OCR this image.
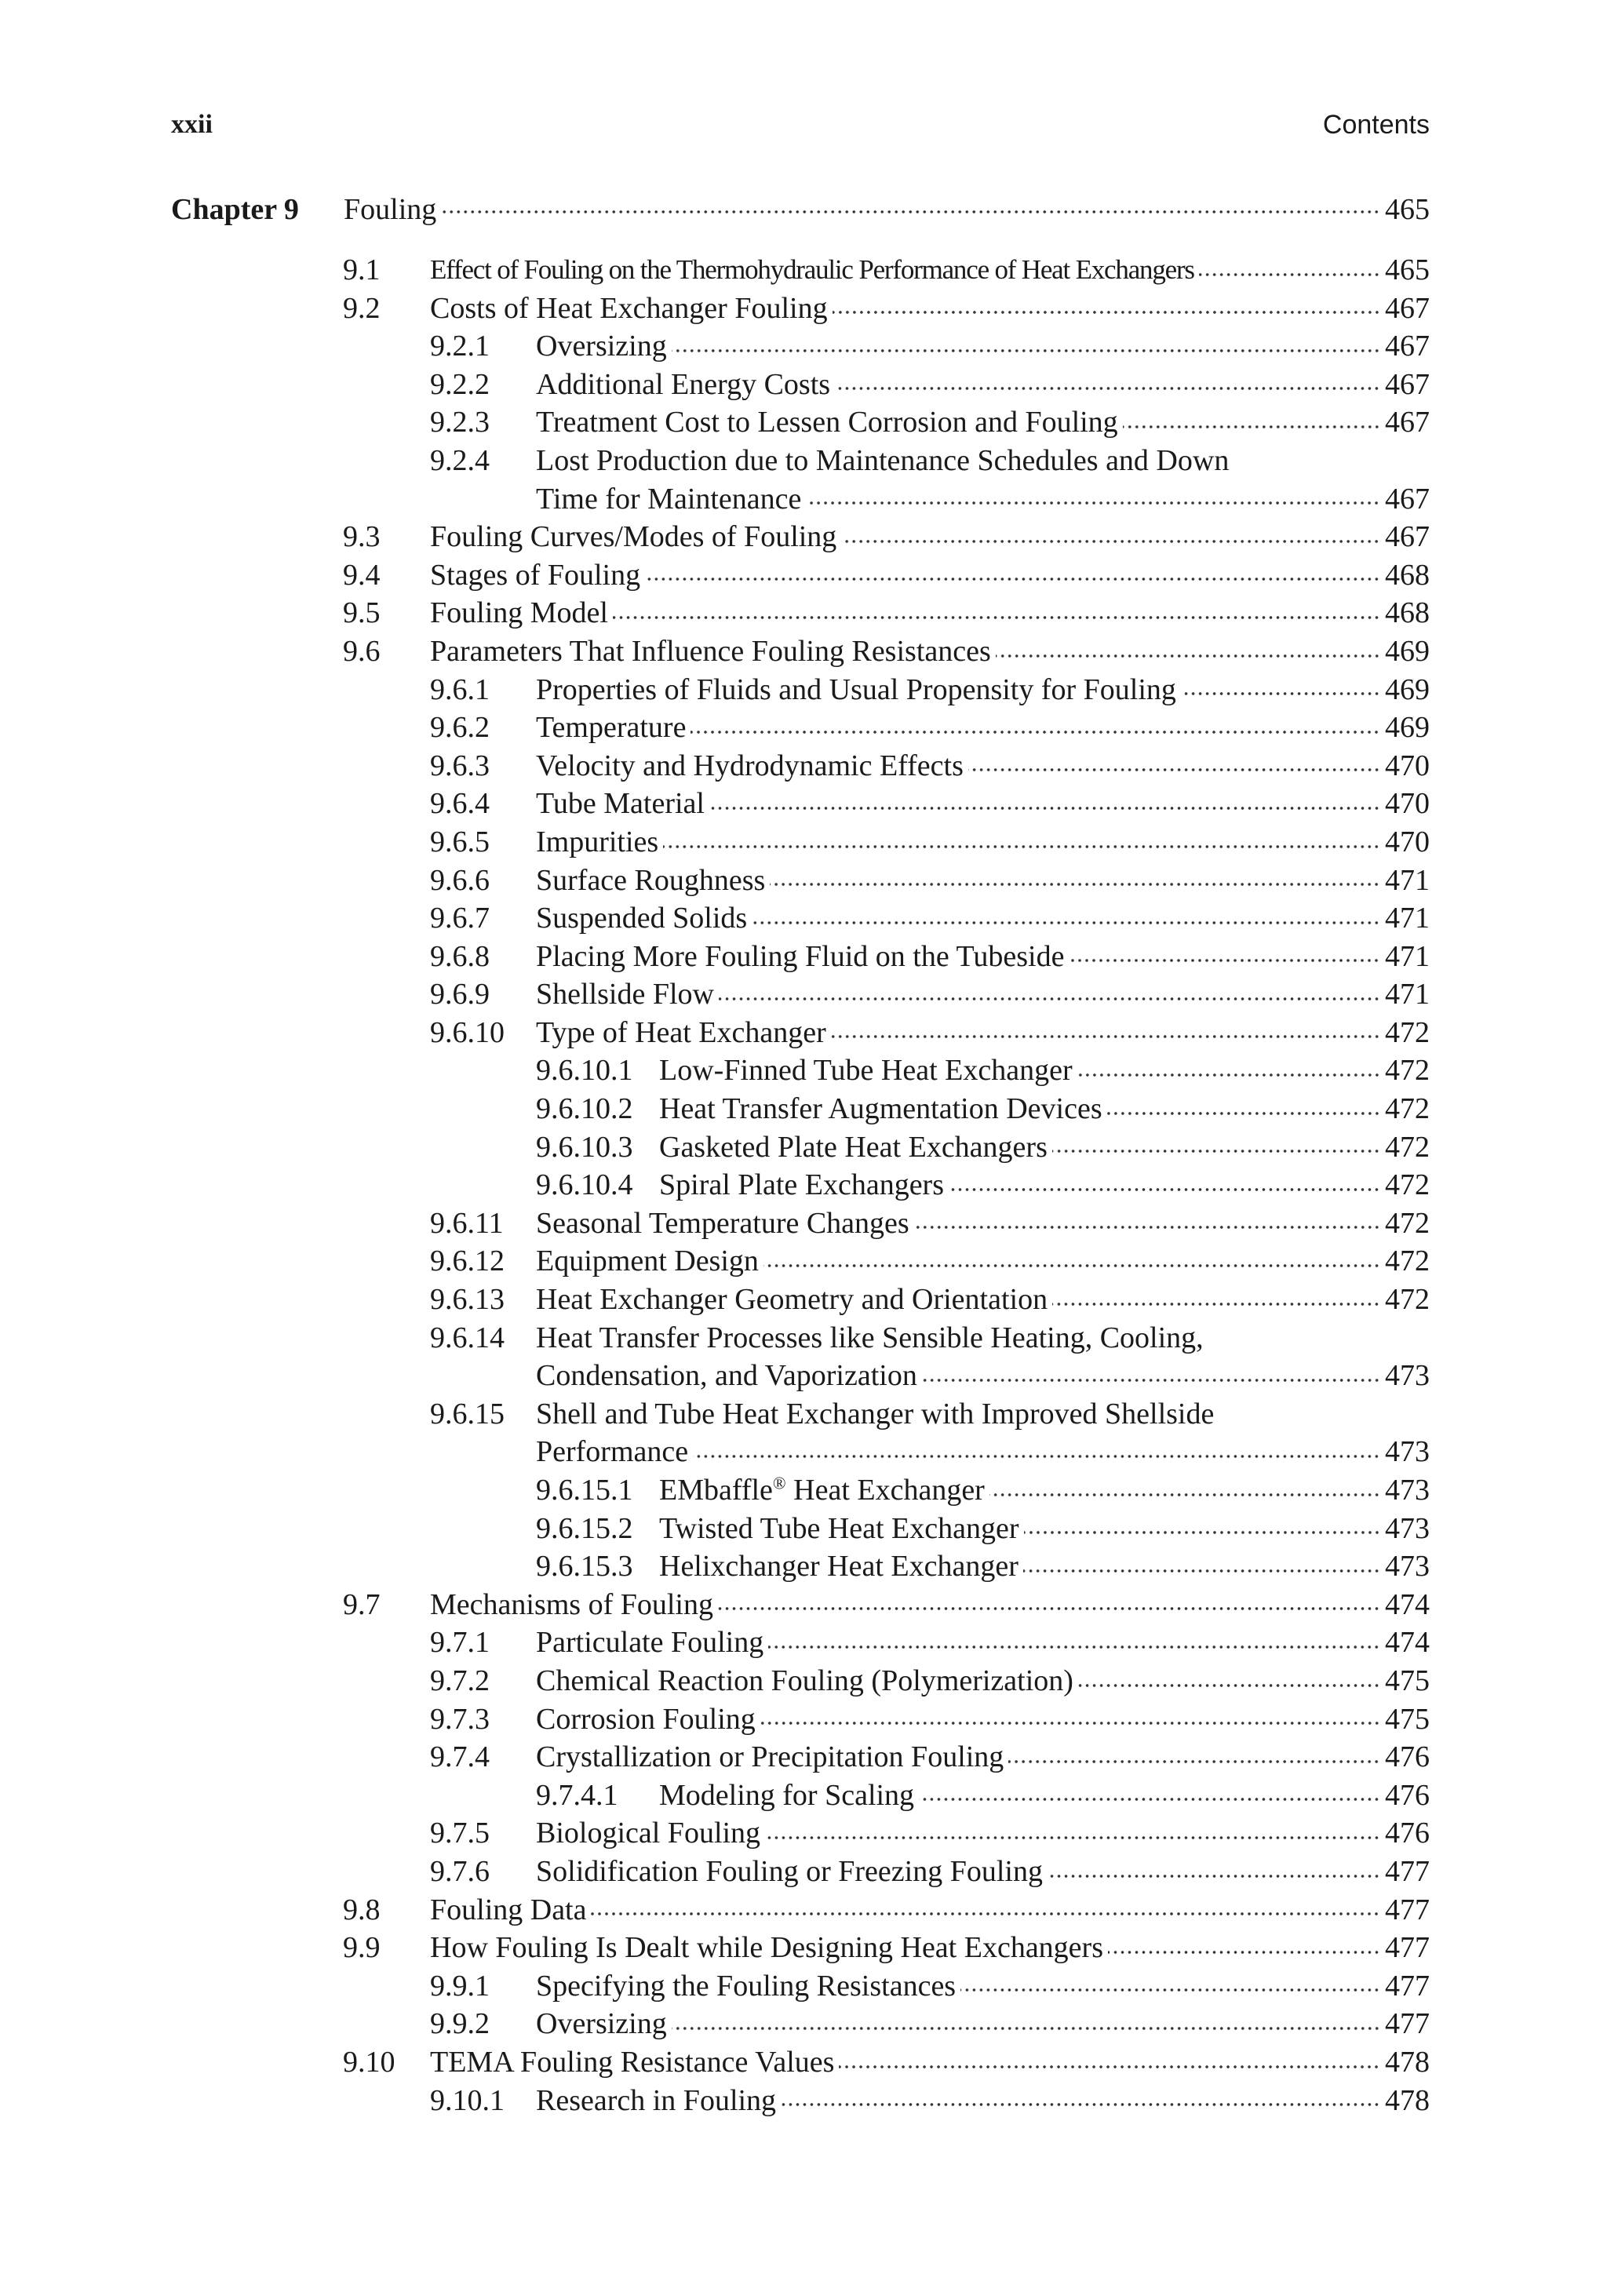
xxii	Contents
Chapter 9 Fouling	465
9.1 Effect of Fouling on the Thermohydraulic Performance of Heat Exchangers	465
9.2 Costs of Heat Exchanger Fouling	467
9.2.1 Oversizing	467
9.2.2 Additional Energy Costs	467
9.2.3 Treatment Cost to Lessen Corrosion and Fouling	467
9.2.4 Lost Production due to Maintenance Schedules and Down
Time for Maintenance	467
9.3 Fouling Curves/Modes of Fouling	467
9.4 Stages of Fouling	468
9.5 Fouling Model	468
9.6 Parameters That Influence Fouling Resistances	469
9.6.1 Properties of Fluids and Usual Propensity for Fouling	469
9.6.2 Temperature	469
9.6.3 Velocity and Hydrodynamic Effects	470
9.6.4 Tube Material	470
9.6.5 Impurities	470
9.6.6 Surface Roughness	471
9.6.7 Suspended Solids	471
9.6.8 Placing More Fouling Fluid on the Tubeside	471
9.6.9 Shellside Flow	471
9.6.10 Type of Heat Exchanger	472
9.6.10.1 Low-Finned Tube Heat Exchanger	472
9.6.10.2 Heat Transfer Augmentation Devices	472
9.6.10.3 Gasketed Plate Heat Exchangers	472
9.6.10.4 Spiral Plate Exchangers	472
9.6.11 Seasonal Temperature Changes	472
9.6.12 Equipment Design	472
9.6.13 Heat Exchanger Geometry and Orientation	472
9.6.14 Heat Transfer Processes like Sensible Heating, Cooling,
Condensation, and Vaporization	473
9.6.15 Shell and Tube Heat Exchanger with Improved Shellside
Performance	473
9.6.15.1 EMbaffle® Heat Exchanger	473
9.6.15.2 Twisted Tube Heat Exchanger	473
9.6.15.3 Helixchanger Heat Exchanger	473
9.7 Mechanisms of Fouling	474
9.7.1 Particulate Fouling	474
9.7.2 Chemical Reaction Fouling (Polymerization)	475
9.7.3 Corrosion Fouling	475
9.7.4 Crystallization or Precipitation Fouling	476
9.7.4.1 Modeling for Scaling	476
9.7.5 Biological Fouling	476
9.7.6 Solidification Fouling or Freezing Fouling	477
9.8 Fouling Data	477
9.9 How Fouling Is Dealt while Designing Heat Exchangers	477
9.9.1 Specifying the Fouling Resistances	477
9.9.2 Oversizing	477
9.10 TEMA Fouling Resistance Values	478
9.10.1 Research in Fouling	478
